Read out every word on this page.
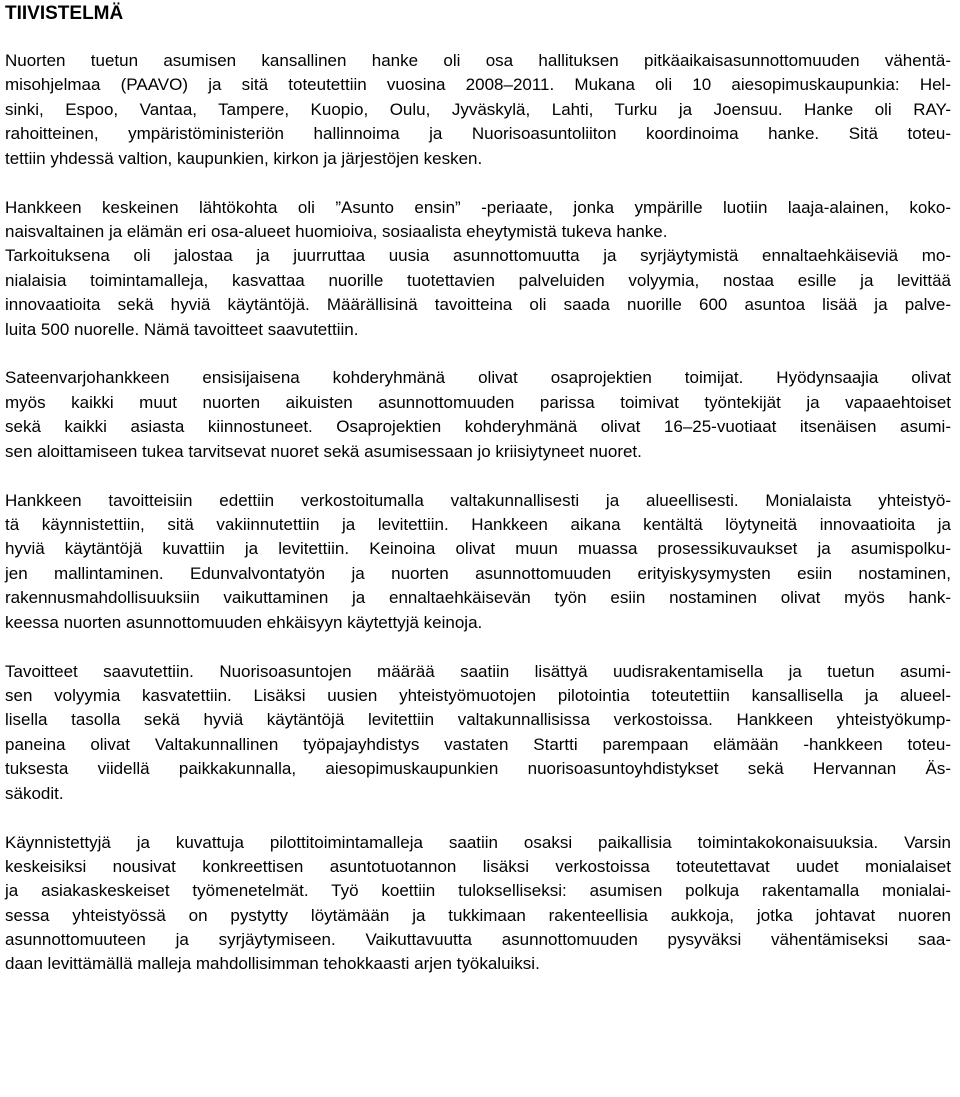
TIIVISTELMÄ
Nuorten tuetun asumisen kansallinen hanke oli osa hallituksen pitkäaikaisasunnottomuuden vähentä-
misohjelmaa (PAAVO) ja sitä toteutettiin vuosina 2008–2011. Mukana oli 10 aiesopimuskaupunkia: Hel-
sinki, Espoo, Vantaa, Tampere, Kuopio, Oulu, Jyväskylä, Lahti, Turku ja Joensuu. Hanke oli RAY-
rahoitteinen, ympäristöministeriön hallinnoima ja Nuorisoasuntoliiton koordinoima hanke. Sitä toteu-
tettiin yhdessä valtion, kaupunkien, kirkon ja järjestöjen kesken.
Hankkeen keskeinen lähtökohta oli ”Asunto ensin” -periaate, jonka ympärille luotiin laaja-alainen, koko-
naisvaltainen ja elämän eri osa-alueet huomioiva, sosiaalista eheytymistä tukeva hanke.
Tarkoituksena oli jalostaa ja juurruttaa uusia asunnottomuutta ja syrjäytymistä ennaltaehkäiseviä mo-
nialaisia toimintamalleja, kasvattaa nuorille tuotettavien palveluiden volyymia, nostaa esille ja levittää
innovaatioita sekä hyviä käytäntöjä. Määrällisinä tavoitteina oli saada nuorille 600 asuntoa lisää ja palve-
luita 500 nuorelle. Nämä tavoitteet saavutettiin.
Sateenvarjohankkeen ensisijaisena kohderyhmänä olivat osaprojektien toimijat. Hyödynsaajia olivat
myös kaikki muut nuorten aikuisten asunnottomuuden parissa toimivat työntekijät ja vapaaehtoiset
sekä kaikki asiasta kiinnostuneet. Osaprojektien kohderyhmänä olivat 16–25-vuotiaat itsenäisen asumi-
sen aloittamiseen tukea tarvitsevat nuoret sekä asumisessaan jo kriisiytyneet nuoret.
Hankkeen tavoitteisiin edettiin verkostoitumalla valtakunnallisesti ja alueellisesti. Monialaista yhteistyö-
tä käynnistettiin, sitä vakiinnutettiin ja levitettiin. Hankkeen aikana kentältä löytyneitä innovaatioita ja
hyviä käytäntöjä kuvattiin ja levitettiin. Keinoina olivat muun muassa prosessikuvaukset ja asumispolku-
jen mallintaminen. Edunvalvontatyön ja nuorten asunnottomuuden erityiskysymysten esiin nostaminen,
rakennusmahdollisuuksiin vaikuttaminen ja ennaltaehkäisevän työn esiin nostaminen olivat myös hank-
keessa nuorten asunnottomuuden ehkäisyyn käytettyjä keinoja.
Tavoitteet saavutettiin. Nuorisoasuntojen määrää saatiin lisättyä uudisrakentamisella ja tuetun asumi-
sen volyymia kasvatettiin. Lisäksi uusien yhteistyömuotojen pilotointia toteutettiin kansallisella ja alueel-
lisella tasolla sekä hyviä käytäntöjä levitettiin valtakunnallisissa verkostoissa. Hankkeen yhteistyökump-
paneina olivat Valtakunnallinen työpajayhdistys vastaten Startti parempaan elämään -hankkeen toteu-
tuksesta viidellä paikkakunnalla, aiesopimuskaupunkien nuorisoasuntoyhdistykset sekä Hervannan Äs-
säkodit.
Käynnistettyjä ja kuvattuja pilottitoimintamalleja saatiin osaksi paikallisia toimintakokonaisuuksia. Varsin
keskeisiksi nousivat konkreettisen asuntotuotannon lisäksi verkostoissa toteutettavat uudet monialaiset
ja asiakaskeskeiset työmenetelmät. Työ koettiin tulokselliseksi: asumisen polkuja rakentamalla monialai-
sessa yhteistyössä on pystytty löytämään ja tukkimaan rakenteellisia aukkoja, jotka johtavat nuoren
asunnottomuuteen ja syrjäytymiseen. Vaikuttavuutta asunnottomuuden pysyväksi vähentämiseksi saa-
daan levittämällä malleja mahdollisimman tehokkaasti arjen työkaluiksi.
